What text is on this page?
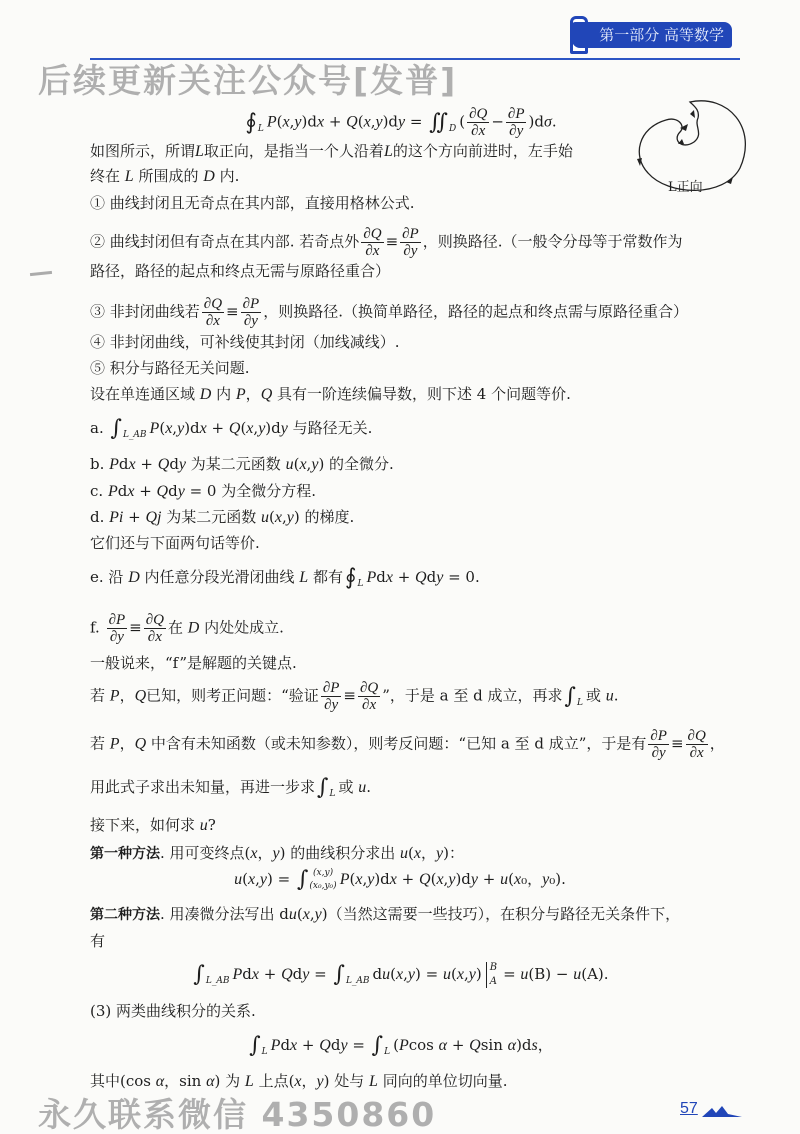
第一部分 高等数学
L正向
∮ L P(x,y)dx + Q(x,y)dy = ∬ D ( $\frac{\partial Q}{\partial x} - \frac{\partial P}{\partial y} )d\sigma$.
如图所示，所谓L取正向，是指当一个人沿着L的这个方向前进时，左手始
终在 L 所围成的 D 内.
① 曲线封闭且无奇点在其内部，直接用格林公式.
② 曲线封闭但有奇点在其内部. 若奇点外 $\frac{\partial Q}{\partial x} \equiv \frac{\partial P}{\partial y}$ ，则换路径.（一般令分母等于常数作为
路径，路径的起点和终点无需与原路径重合）
③ 非封闭曲线若 $\frac{\partial Q}{\partial x} \equiv \frac{\partial P}{\partial y}$ ，则换路径.（换简单路径，路径的起点和终点需与原路径重合）
④ 非封闭曲线，可补线使其封闭（加线减线）.
⑤ 积分与路径无关问题.
设在单连通区域 D 内 P，Q 具有一阶连续偏导数，则下述 4 个问题等价.
a. ∫ L_AB P(x,y)dx + Q(x,y)dy 与路径无关.
b. Pdx + Qdy 为某二元函数 u(x,y) 的全微分.
c. Pdx + Qdy = 0 为全微分方程.
d. Pi + Qj 为某二元函数 u(x,y) 的梯度.
它们还与下面两句话等价.
e. 沿 D 内任意分段光滑闭曲线 L 都有 ∮ L Pdx + Qdy = 0.
f. $\frac{\partial P}{\partial y} \equiv \frac{\partial Q}{\partial x}$ 在 D 内处处成立.
一般说来，“f”是解题的关键点.
若 P，Q已知，则考正问题：“验证 $\frac{\partial P}{\partial y} \equiv \frac{\partial Q}{\partial x}$ ”，于是 a 至 d 成立，再求 ∫ L 或 u.
若 P，Q 中含有未知函数（或未知参数），则考反问题：“已知 a 至 d 成立”，于是有 $\frac{\partial P}{\partial y} \equiv \frac{\partial Q}{\partial x}$ ，
用此式子求出未知量，再进一步求 ∫ L 或 u.
接下来，如何求 u?
第一种方法. 用可变终点(x，y) 的曲线积分求出 u(x，y)：
u(x,y) = ∫ (x,y)
(x₀,y₀) P(x,y)dx + Q(x,y)dy + u(x₀，y₀).
第二种方法. 用凑微分法写出 du(x,y)（当然这需要一些技巧），在积分与路径无关条件下，
有
∫ L_AB Pdx + Qdy = ∫ L_AB du(x,y) = u(x,y) B
A = u(B) − u(A).
(3) 两类曲线积分的关系.
∫ L Pdx + Qdy = ∫ L (Pcos α + Qsin α)ds，
其中(cos α，sin α) 为 L 上点(x，y) 处与 L 同向的单位切向量.
后续更新关注公众号[发普]
永久联系微信 4350860	57
